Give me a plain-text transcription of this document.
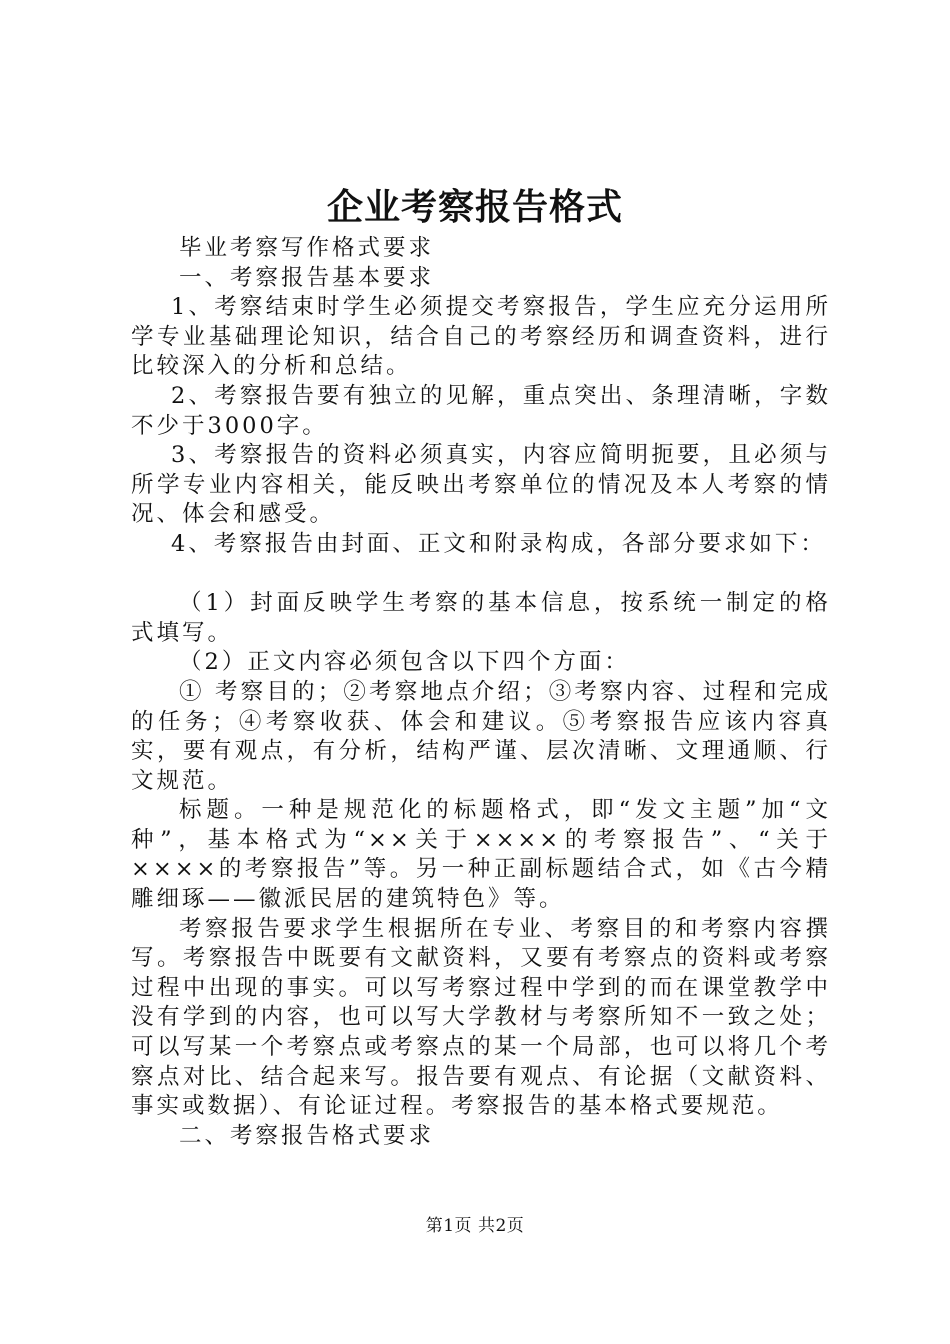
企业考察报告格式

毕业考察写作格式要求

一、考察报告基本要求

1、考察结束时学生必须提交考察报告，学生应充分运用所学专业基础理论知识，结合自己的考察经历和调查资料，进行比较深入的分析和总结。

2、考察报告要有独立的见解，重点突出、条理清晰，字数不少于3000字。

3、考察报告的资料必须真实，内容应简明扼要，且必须与所学专业内容相关，能反映出考察单位的情况及本人考察的情况、体会和感受。

4、考察报告由封面、正文和附录构成，各部分要求如下：

（1）封面反映学生考察的基本信息，按系统一制定的格式填写。

（2）正文内容必须包含以下四个方面：

① 考察目的；②考察地点介绍；③考察内容、过程和完成的任务；④考察收获、体会和建议。⑤考察报告应该内容真实，要有观点，有分析，结构严谨、层次清晰、文理通顺、行文规范。

标题。一种是规范化的标题格式，即“发文主题”加“文种”，基本格式为“××关于××××的考察报告”、“关于××××的考察报告”等。另一种正副标题结合式，如《古今精雕细琢——徽派民居的建筑特色》等。

考察报告要求学生根据所在专业、考察目的和考察内容撰写。考察报告中既要有文献资料，又要有考察点的资料或考察过程中出现的事实。可以写考察过程中学到的而在课堂教学中没有学到的内容，也可以写大学教材与考察所知不一致之处；可以写某一个考察点或考察点的某一个局部，也可以将几个考察点对比、结合起来写。报告要有观点、有论据（文献资料、事实或数据）、有论证过程。考察报告的基本格式要规范。

二、考察报告格式要求

第1页 共2页
